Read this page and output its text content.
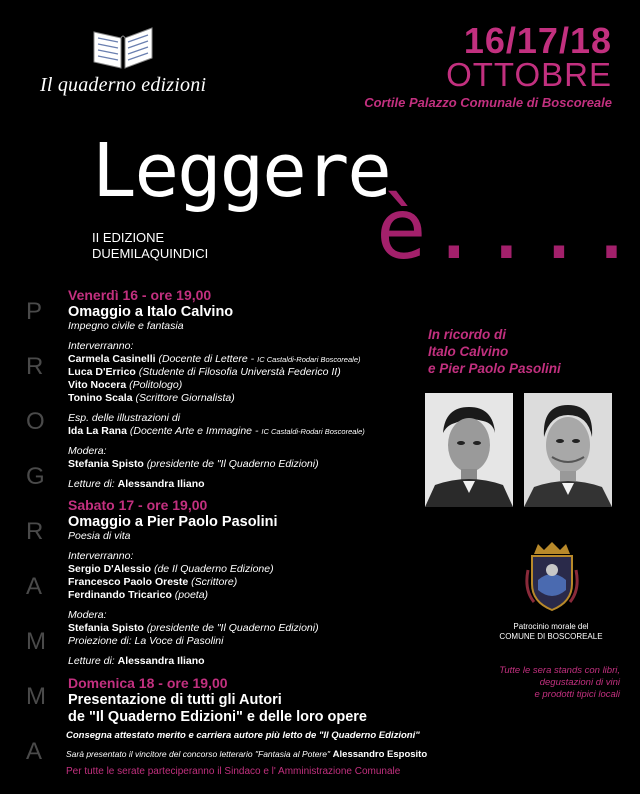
Il quaderno edizioni
16/17/18
OTTOBRE
Cortile Palazzo Comunale di Boscoreale
Leggere
è....
II EDIZIONE
DUEMILAQUINDICI
P
R
O
G
R
A
M
M
A
Venerdì 16 - ore 19,00
Omaggio a Italo Calvino
Impegno civile e fantasia
Interverranno:
Carmela Casinelli (Docente di Lettere - IC Castaldi-Rodari Boscoreale)
Luca D'Errico (Studente di Filosofia Universtà Federico II)
Vito Nocera (Politologo)
Tonino Scala (Scrittore Giornalista)
Esp. delle illustrazioni di
Ida La Rana (Docente Arte e Immagine - IC Castaldi-Rodari Boscoreale)
Modera:
Stefania Spisto (presidente de "Il Quaderno Edizioni)
Letture di: Alessandra Iliano
Sabato 17 - ore 19,00
Omaggio a Pier Paolo Pasolini
Poesia di vita
Interverranno:
Sergio D'Alessio (de Il Quaderno Edizione)
Francesco Paolo Oreste (Scrittore)
Ferdinando Tricarico (poeta)
Modera:
Stefania Spisto (presidente de "Il Quaderno Edizioni)
Proiezione di: La Voce di Pasolini
Letture di: Alessandra Iliano
Domenica 18 - ore 19,00
Presentazione di tutti gli Autori
de "Il Quaderno Edizioni" e delle loro opere
Consegna attestato merito e carriera autore più letto de "Il Quaderno Edizioni"
Sarà presentato il vincitore del concorso letterario "Fantasia al Potere" Alessandro Esposito
Per tutte le serate parteciperanno il Sindaco e l' Amministrazione Comunale
In ricordo di
Italo Calvino
e Pier Paolo Pasolini
Patrocinio morale del
COMUNE DI BOSCOREALE
Tutte le sera stands con libri,
degustazioni di vini
e prodotti tipici locali
